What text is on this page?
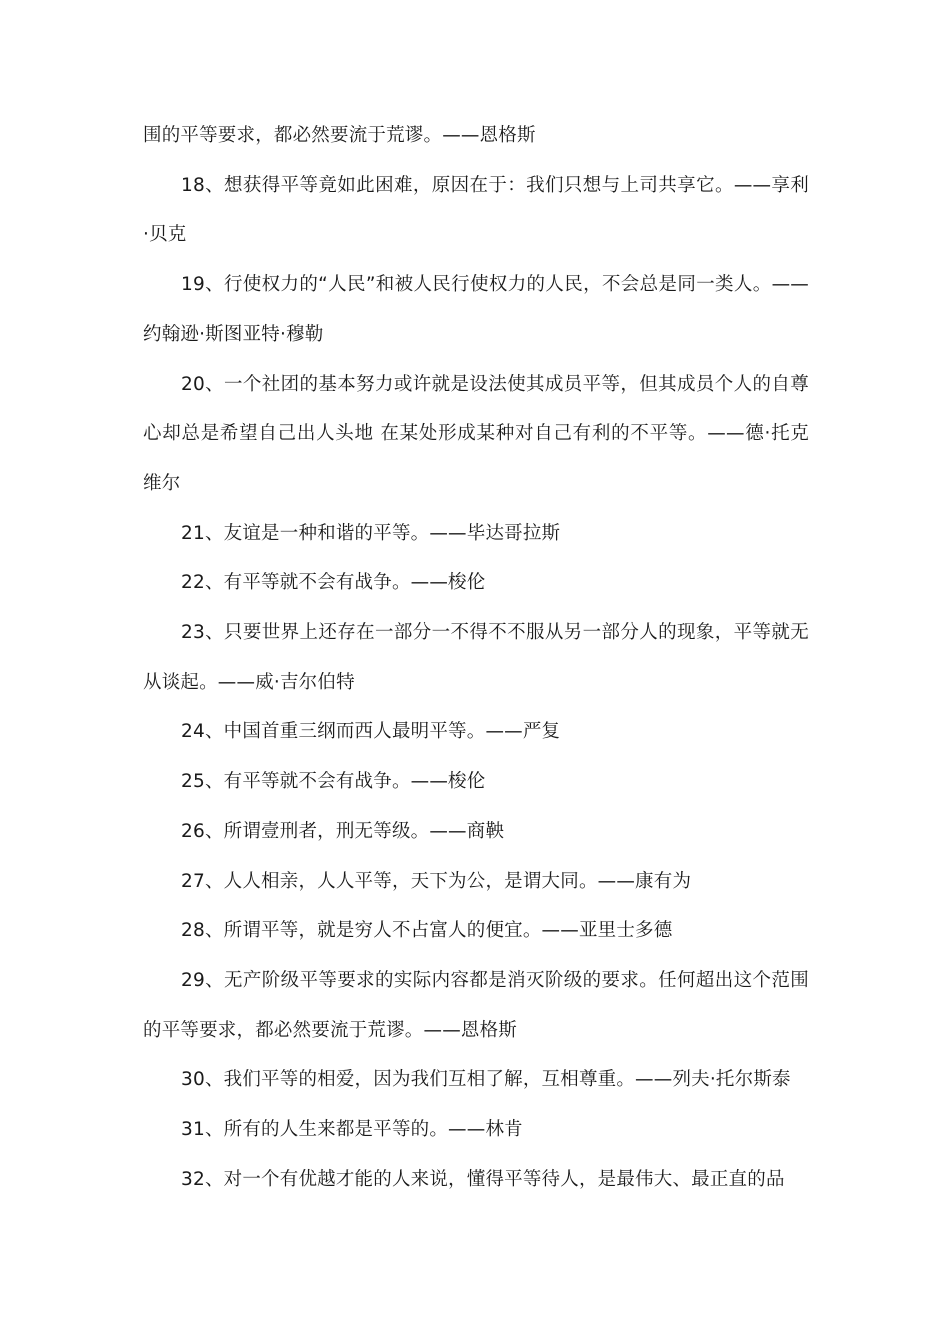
围的平等要求，都必然要流于荒谬。——恩格斯

18、想获得平等竟如此困难，原因在于：我们只想与上司共享它。——享利·贝克

19、行使权力的“人民”和被人民行使权力的人民，不会总是同一类人。——约翰逊·斯图亚特·穆勒

20、一个社团的基本努力或许就是设法使其成员平等，但其成员个人的自尊心却总是希望自己出人头地 在某处形成某种对自己有利的不平等。——德·托克维尔

21、友谊是一种和谐的平等。——毕达哥拉斯

22、有平等就不会有战争。——梭伦

23、只要世界上还存在一部分一不得不不服从另一部分人的现象，平等就无从谈起。——威·吉尔伯特

24、中国首重三纲而西人最明平等。——严复

25、有平等就不会有战争。——梭伦

26、所谓壹刑者，刑无等级。——商鞅

27、人人相亲，人人平等，天下为公，是谓大同。——康有为

28、所谓平等，就是穷人不占富人的便宜。——亚里士多德

29、无产阶级平等要求的实际内容都是消灭阶级的要求。任何超出这个范围的平等要求，都必然要流于荒谬。——恩格斯

30、我们平等的相爱，因为我们互相了解，互相尊重。——列夫·托尔斯泰

31、所有的人生来都是平等的。——林肯

32、对一个有优越才能的人来说，懂得平等待人，是最伟大、最正直的品
